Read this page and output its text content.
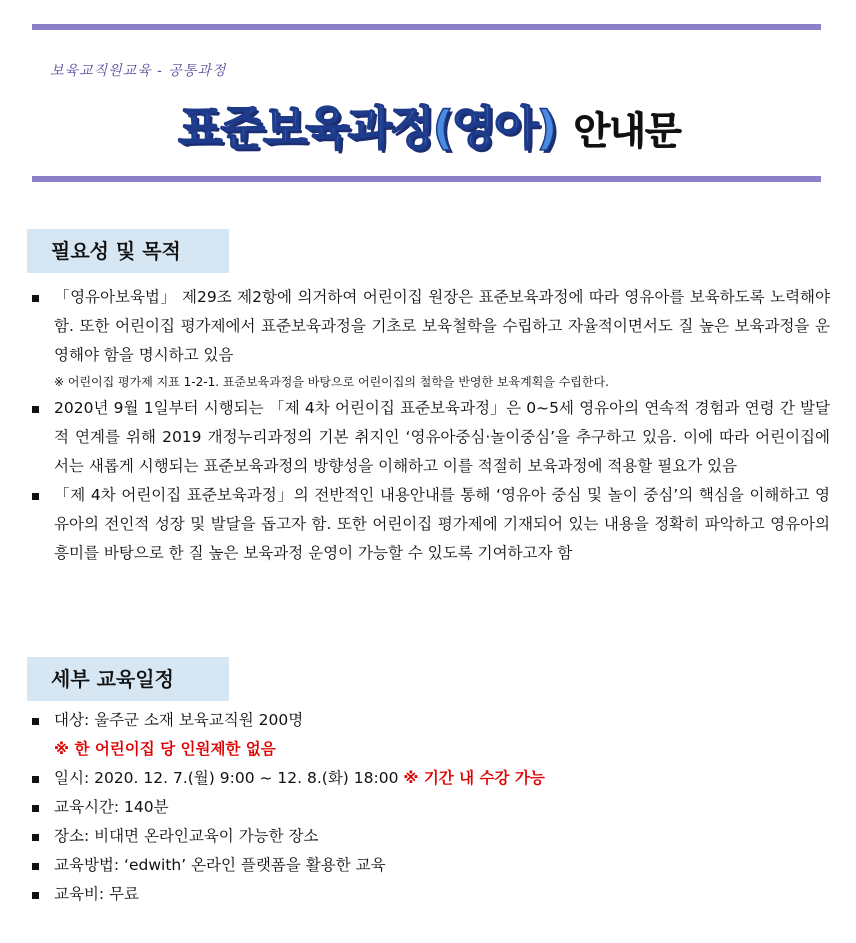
보육교직원교육 - 공통과정
표준보육과정(영아) 안내문
필요성 및 목적
「영유아보육법」 제29조 제2항에 의거하여 어린이집 원장은 표준보육과정에 따라 영유아를 보육하도록 노력해야 함. 또한 어린이집 평가제에서 표준보육과정을 기초로 보육철학을 수립하고 자율적이면서도 질 높은 보육과정을 운영해야 함을 명시하고 있음
※ 어린이집 평가제 지표 1-2-1. 표준보육과정을 바탕으로 어린이집의 철학을 반영한 보육계획을 수립한다.
2020년 9월 1일부터 시행되는 「제 4차 어린이집 표준보육과정」은 0~5세 영유아의 연속적 경험과 연령 간 발달적 연계를 위해 2019 개정누리과정의 기본 취지인 ‘영유아중심·놀이중심’을 추구하고 있음. 이에 따라 어린이집에서는 새롭게 시행되는 표준보육과정의 방향성을 이해하고 이를 적절히 보육과정에 적용할 필요가 있음
「제 4차 어린이집 표준보육과정」의 전반적인 내용안내를 통해 ‘영유아 중심 및 놀이 중심’의 핵심을 이해하고 영유아의 전인적 성장 및 발달을 돕고자 함. 또한 어린이집 평가제에 기재되어 있는 내용을 정확히 파악하고 영유아의 흥미를 바탕으로 한 질 높은 보육과정 운영이 가능할 수 있도록 기여하고자 함
세부 교육일정
대상: 울주군 소재 보육교직원 200명
※ 한 어린이집 당 인원제한 없음
일시: 2020. 12. 7.(월) 9:00 ~ 12. 8.(화) 18:00 ※ 기간 내 수강 가능
교육시간: 140분
장소: 비대면 온라인교육이 가능한 장소
교육방법: ‘edwith’ 온라인 플랫폼을 활용한 교육
교육비: 무료
